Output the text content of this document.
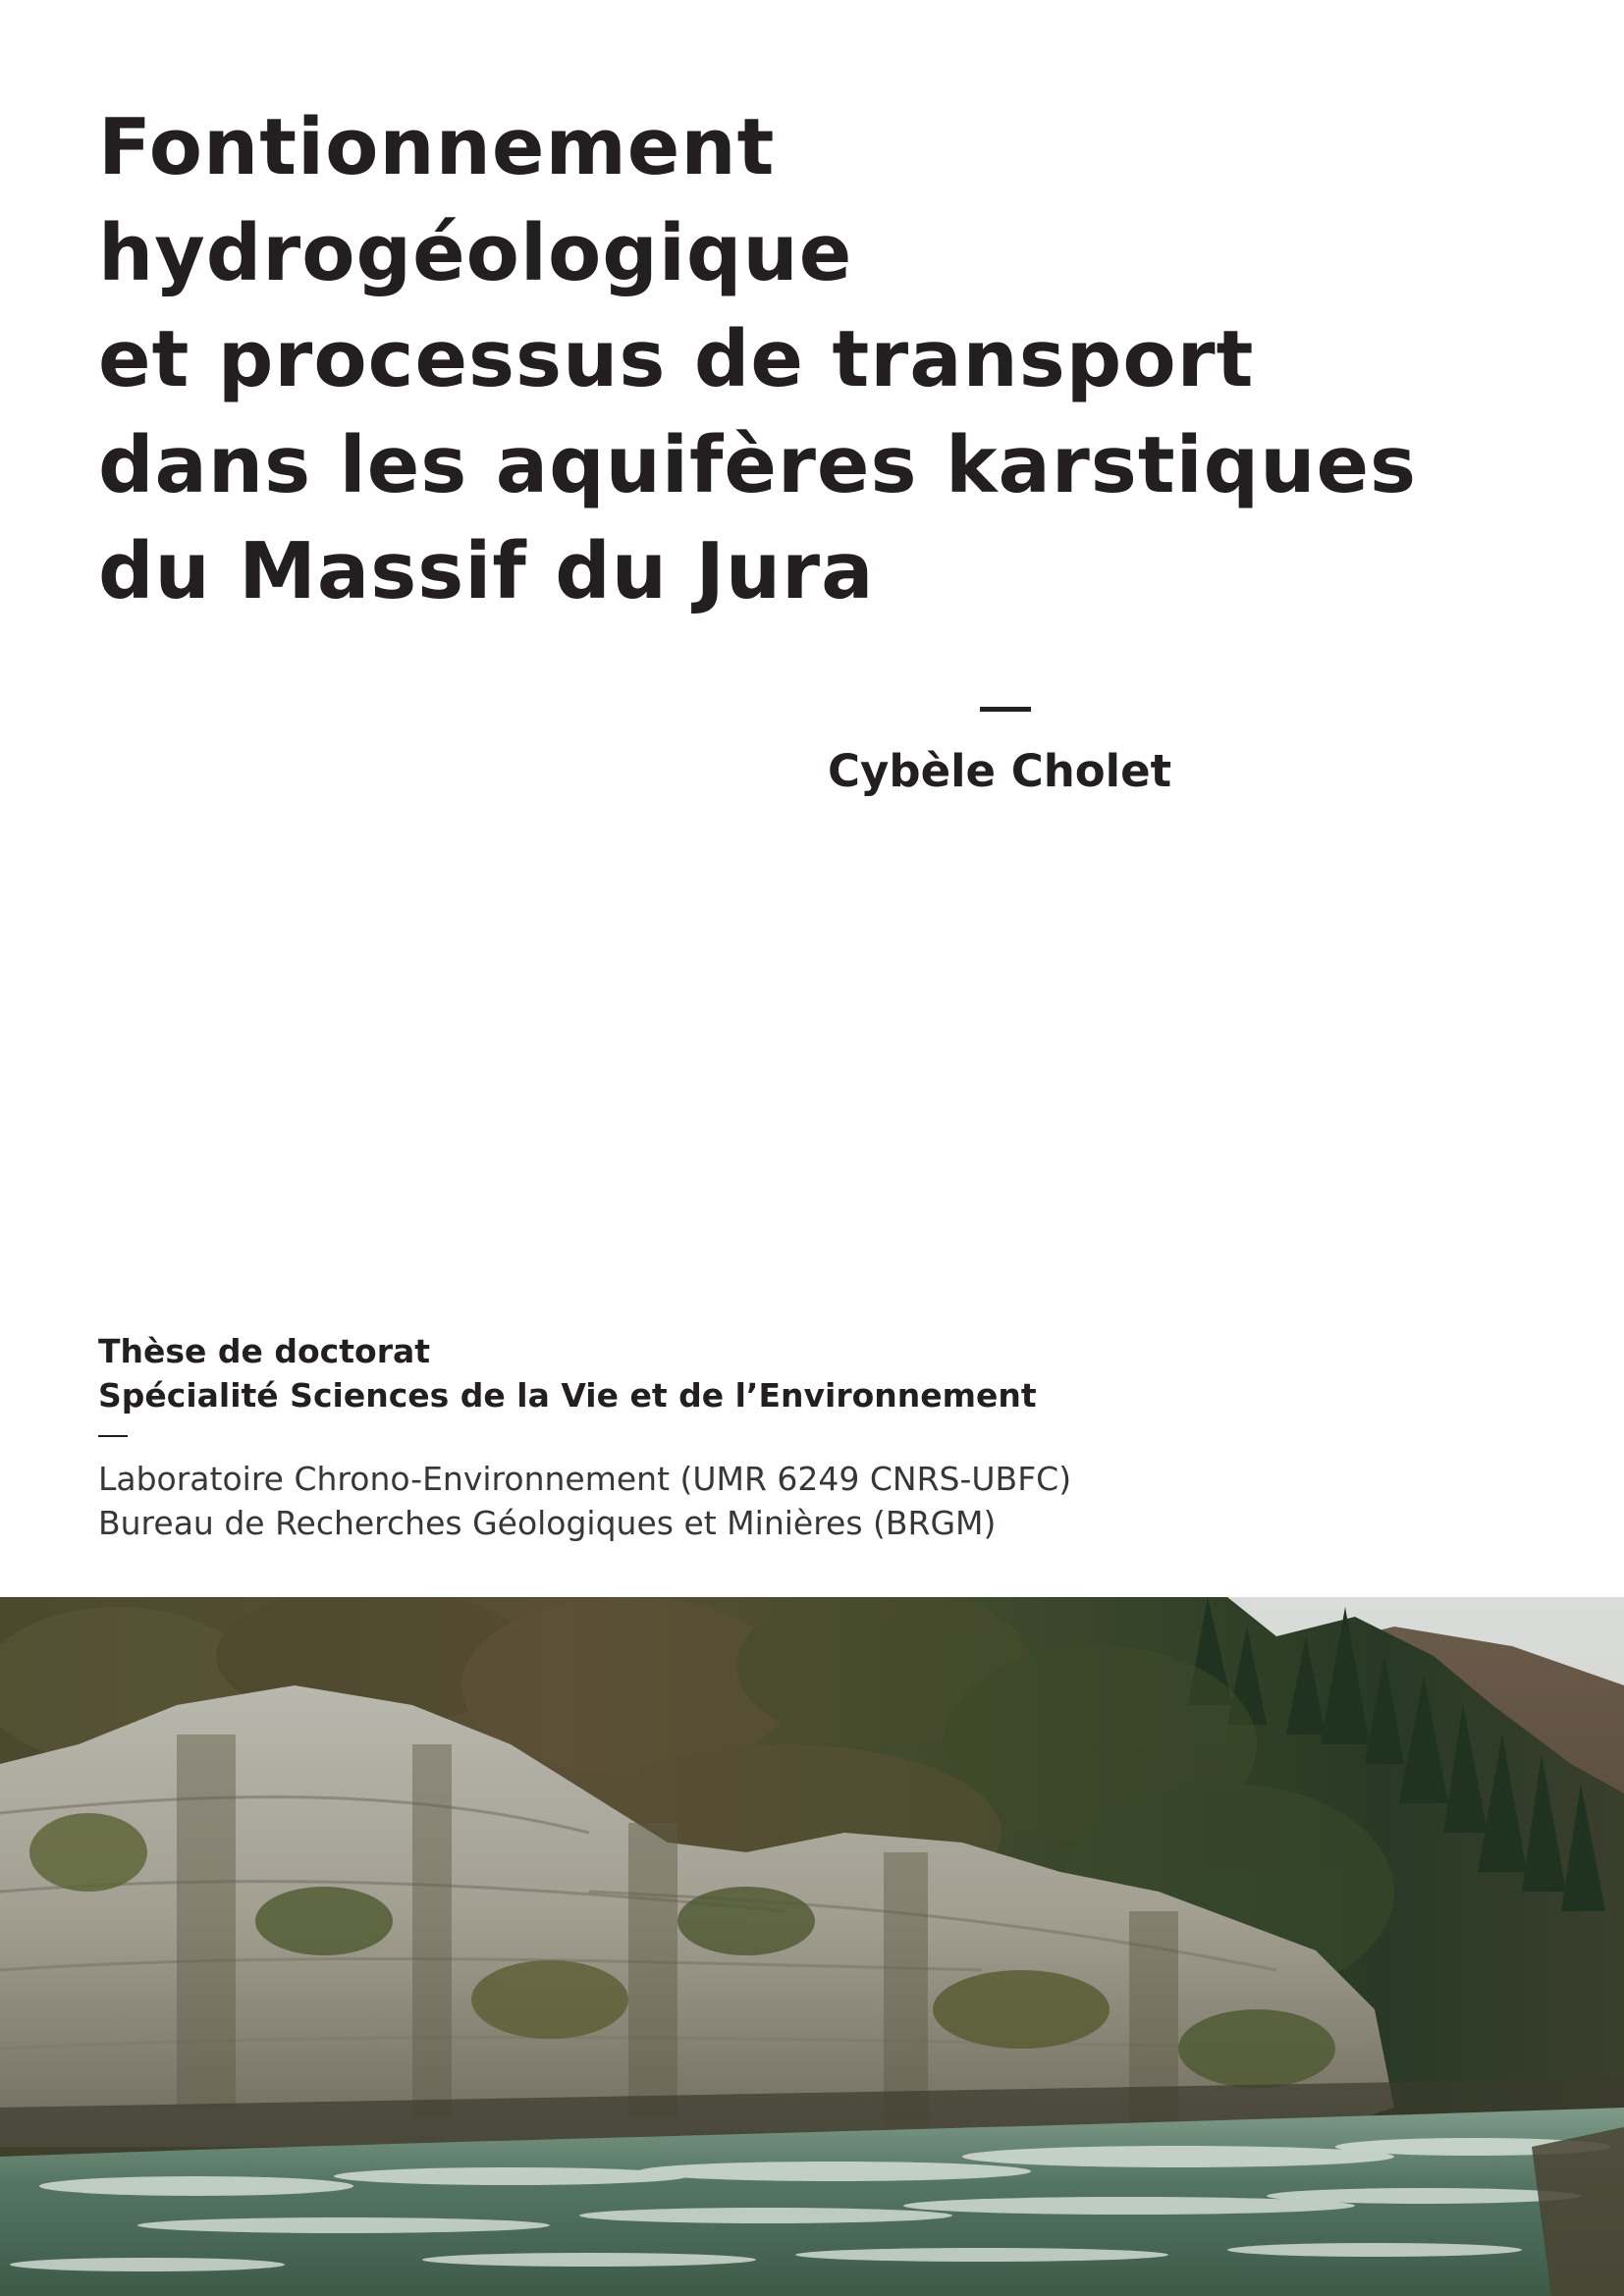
Fontionnement
hydrogéologique
et processus de transport
dans les aquifères karstiques
du Massif du Jura
Cybèle Cholet
Thèse de doctorat
Spécialité Sciences de la Vie et de l’Environnement
Laboratoire Chrono-Environnement (UMR 6249 CNRS-UBFC)
Bureau de Recherches Géologiques et Minières (BRGM)
